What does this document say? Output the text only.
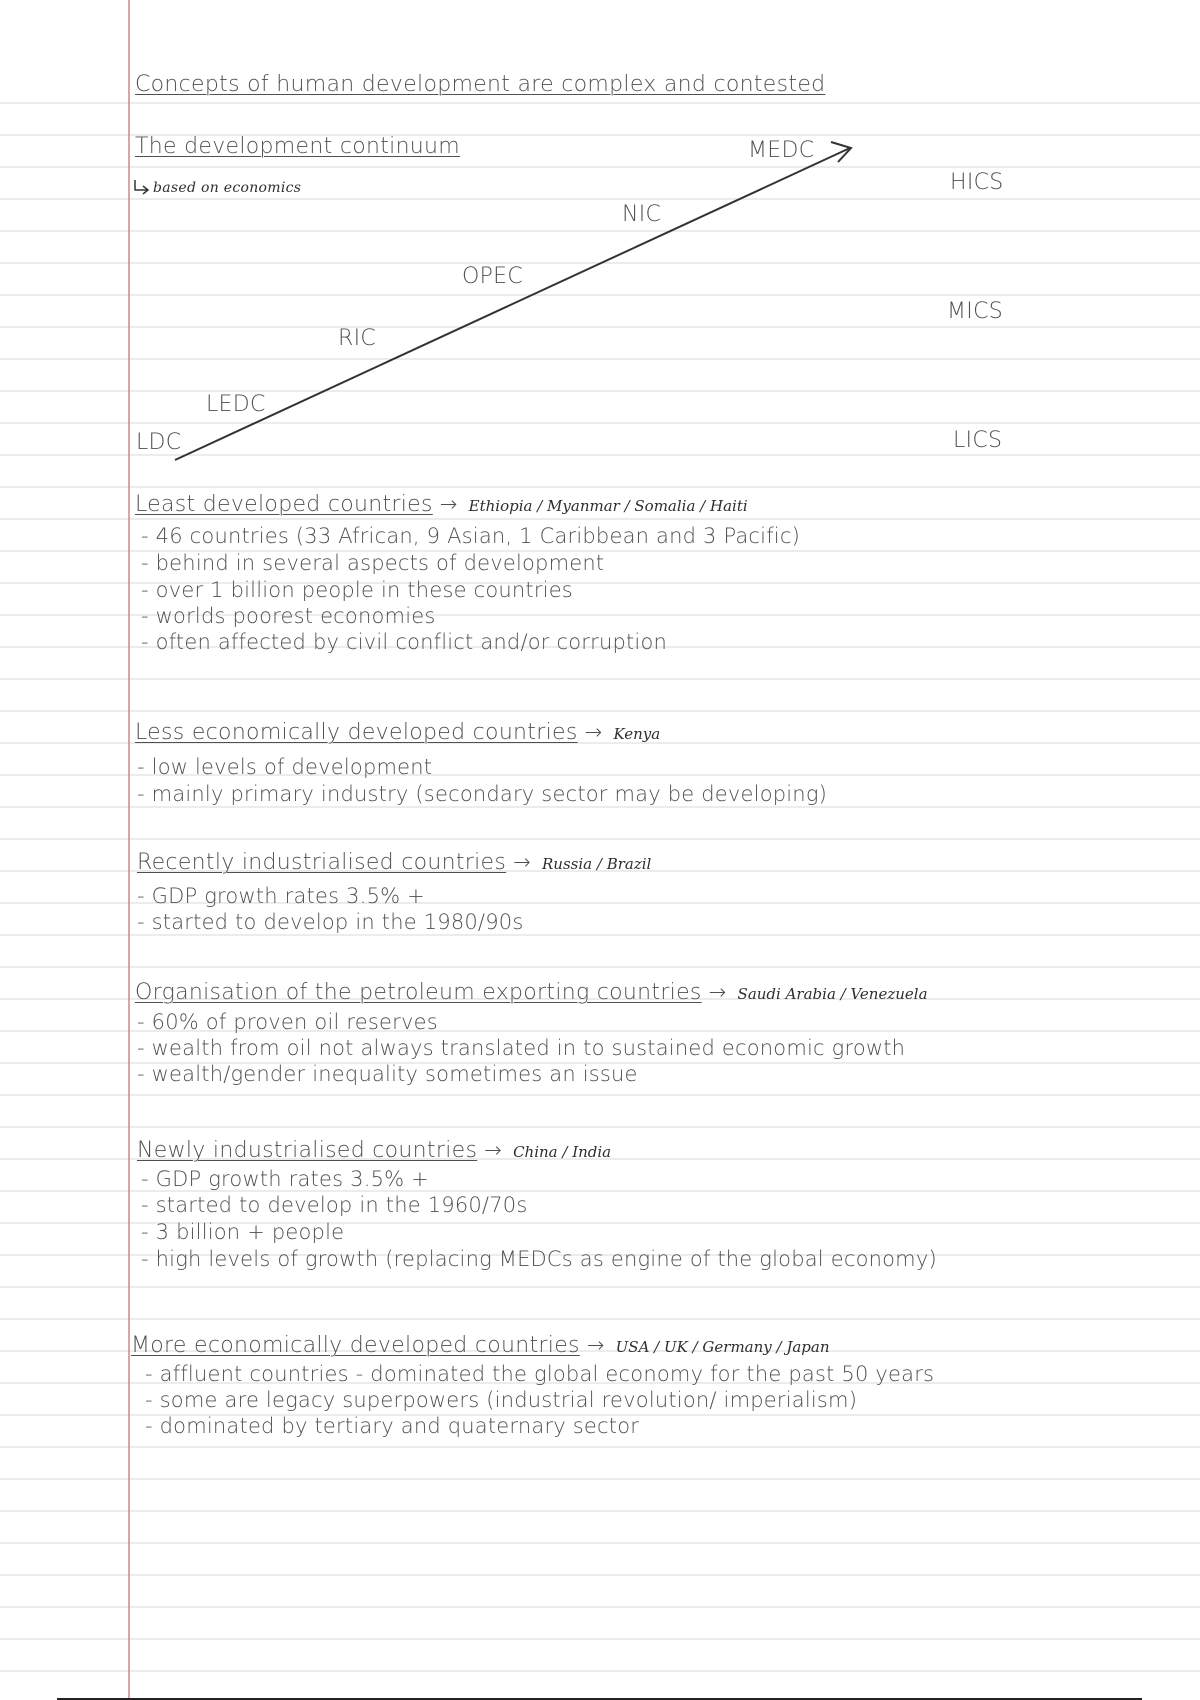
Concepts of human development are complex and contested
The development continuum
based on economics
LDC
LEDC
RIC
OPEC
NIC
MEDC
HICS
MICS
LICS
Least developed countries → Ethiopia / Myanmar / Somalia / Haiti
- 46 countries (33 African, 9 Asian, 1 Caribbean and 3 Pacific)
- behind in several aspects of development
- over 1 billion people in these countries
- worlds poorest economies
- often affected by civil conflict and/or corruption
Less economically developed countries → Kenya
- low levels of development
- mainly primary industry (secondary sector may be developing)
Recently industrialised countries → Russia / Brazil
- GDP growth rates 3.5% +
- started to develop in the 1980/90s
Organisation of the petroleum exporting countries → Saudi Arabia / Venezuela
- 60% of proven oil reserves
- wealth from oil not always translated in to sustained economic growth
- wealth/gender inequality sometimes an issue
Newly industrialised countries → China / India
- GDP growth rates 3.5% +
- started to develop in the 1960/70s
- 3 billion + people
- high levels of growth (replacing MEDCs as engine of the global economy)
More economically developed countries → USA / UK / Germany / Japan
- affluent countries - dominated the global economy for the past 50 years
- some are legacy superpowers (industrial revolution/ imperialism)
- dominated by tertiary and quaternary sector
